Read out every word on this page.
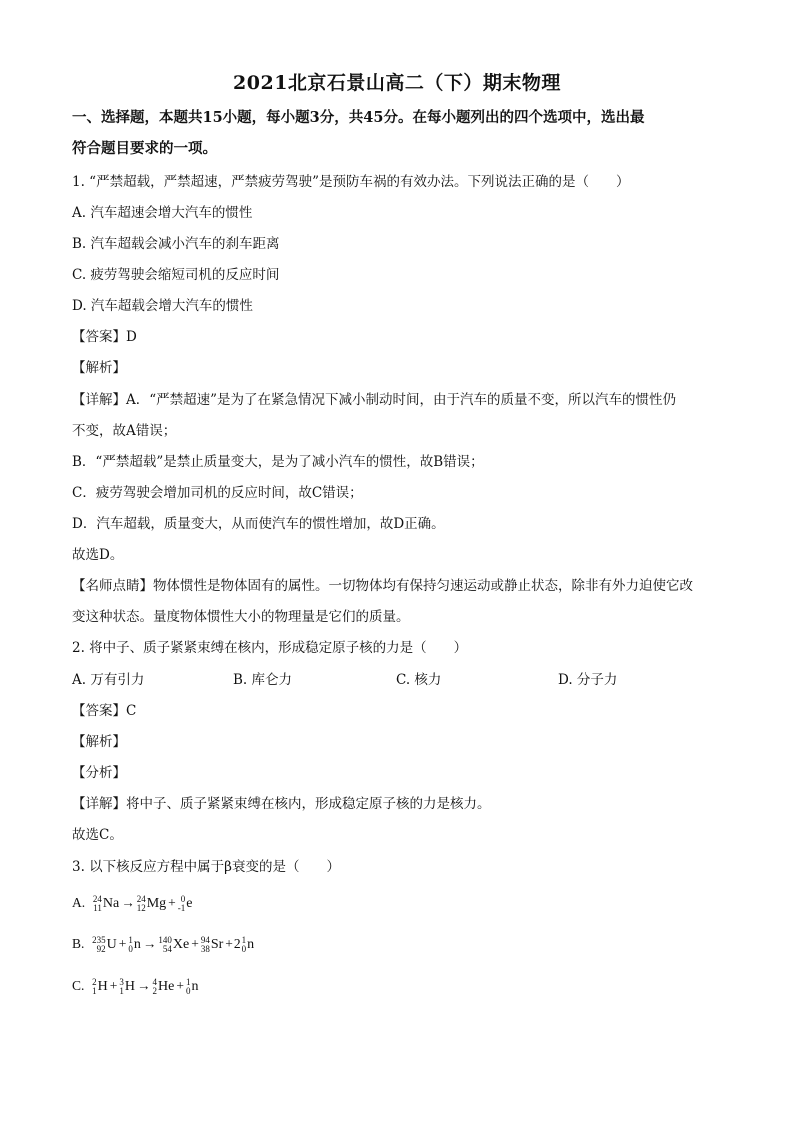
2021北京石景山高二（下）期末物理
一、选择题，本题共15小题，每小题3分，共45分。在每小题列出的四个选项中，选出最
符合题目要求的一项。
1. “严禁超载，严禁超速，严禁疲劳驾驶”是预防车祸的有效办法。下列说法正确的是（　　）
A. 汽车超速会增大汽车的惯性
B. 汽车超载会减小汽车的刹车距离
C. 疲劳驾驶会缩短司机的反应时间
D. 汽车超载会增大汽车的惯性
【答案】D
【解析】
【详解】A．“严禁超速”是为了在紧急情况下减小制动时间，由于汽车的质量不变，所以汽车的惯性仍
不变，故A错误；
B．“严禁超载”是禁止质量变大，是为了减小汽车的惯性，故B错误；
C．疲劳驾驶会增加司机的反应时间，故C错误；
D．汽车超载，质量变大，从而使汽车的惯性增加，故D正确。
故选D。
【名师点睛】物体惯性是物体固有的属性。一切物体均有保持匀速运动或静止状态，除非有外力迫使它改
变这种状态。量度物体惯性大小的物理量是它们的质量。
2. 将中子、质子紧紧束缚在核内，形成稳定原子核的力是（　　）
A. 万有引力	B. 库仑力	C. 核力	D. 分子力
【答案】C
【解析】
【分析】
【详解】将中子、质子紧紧束缚在核内，形成稳定原子核的力是核力。
故选C。
3. 以下核反应方程中属于β衰变的是（　　）
A. 24
11 Na → 24
12 Mg + 0
-1 e
B. 235
92 U + 1
0 n → 140
54 Xe + 94
38 Sr +2 1
0 n
C. 2
1 H + 3
1 H → 4
2 He + 1
0 n
